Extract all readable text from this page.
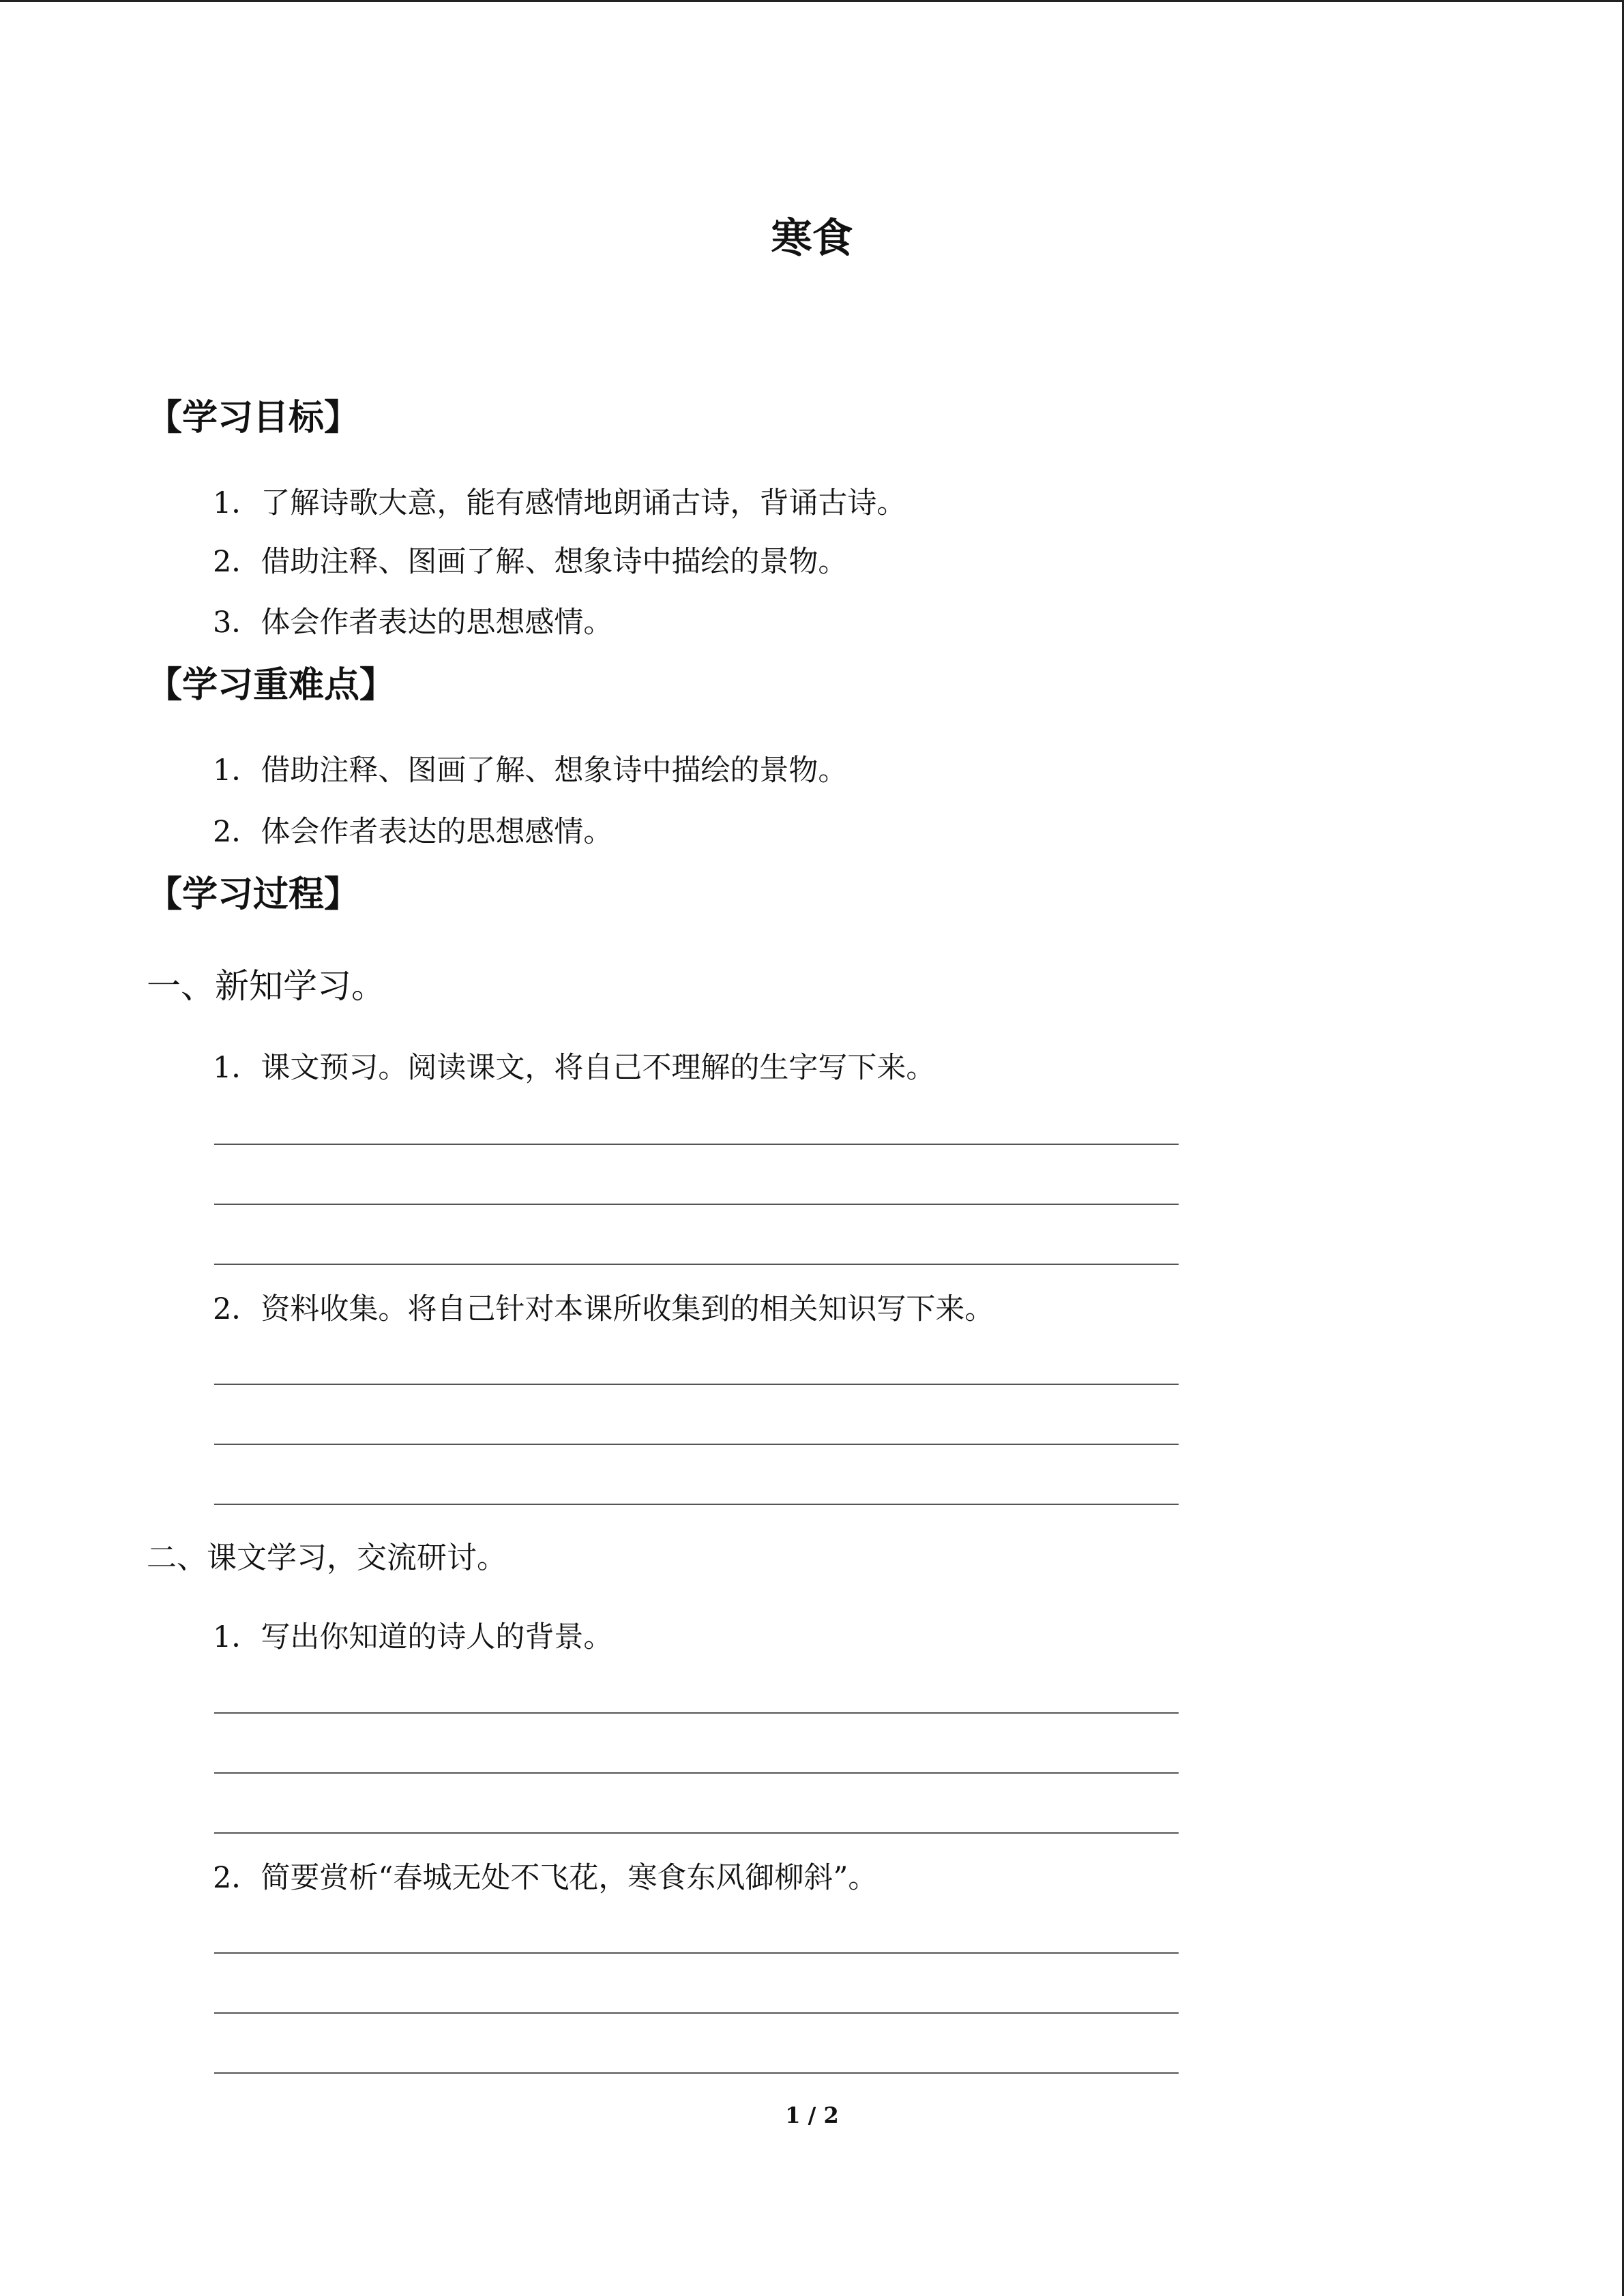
寒食
【学习目标】
1．了解诗歌大意，能有感情地朗诵古诗，背诵古诗。
2．借助注释、图画了解、想象诗中描绘的景物。
3．体会作者表达的思想感情。
【学习重难点】
1．借助注释、图画了解、想象诗中描绘的景物。
2．体会作者表达的思想感情。
【学习过程】
一、新知学习。
1．课文预习。阅读课文，将自己不理解的生字写下来。
2．资料收集。将自己针对本课所收集到的相关知识写下来。
二、课文学习，交流研讨。
1．写出你知道的诗人的背景。
2．简要赏析“春城无处不飞花，寒食东风御柳斜”。
1 / 2
